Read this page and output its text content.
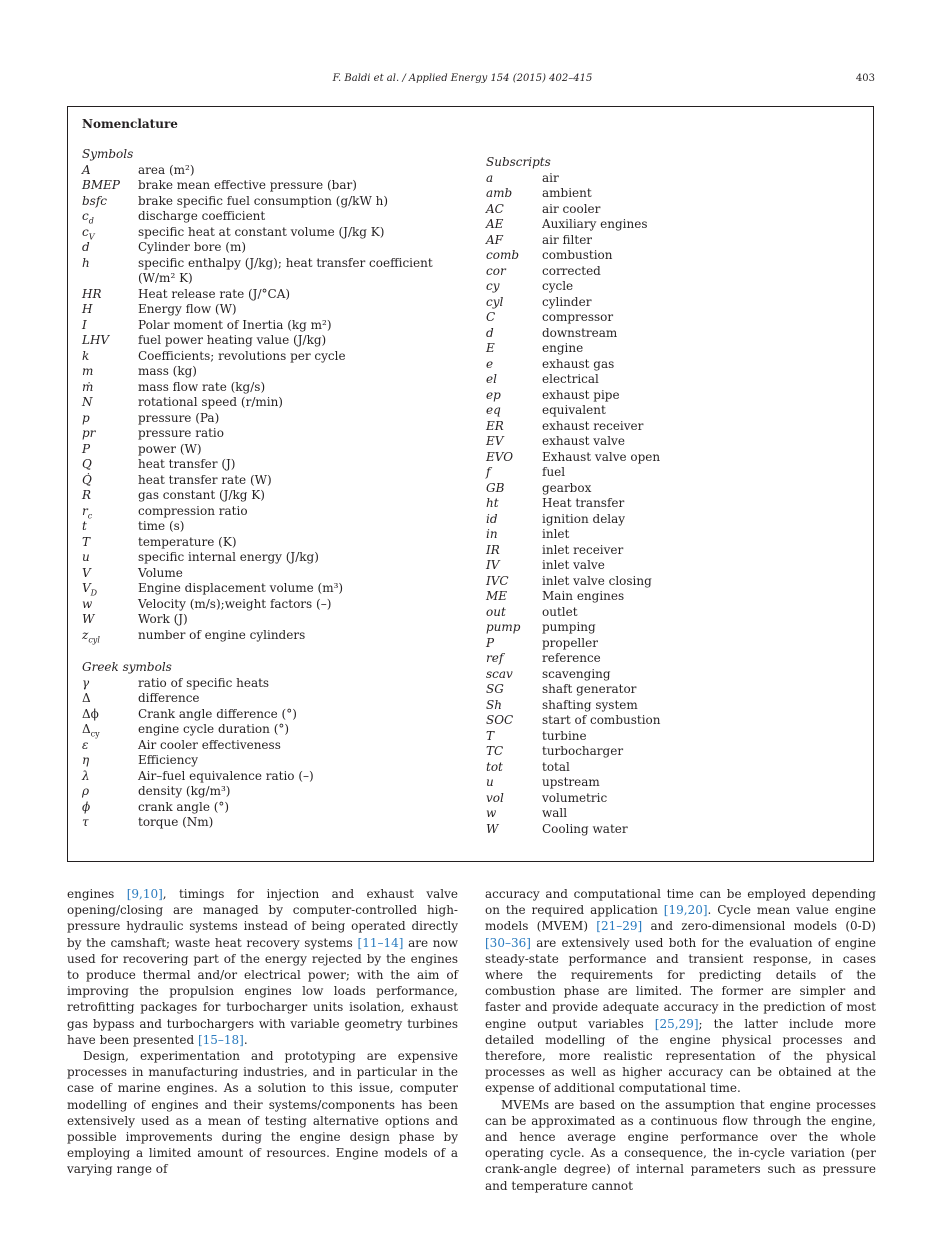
F. Baldi et al. / Applied Energy 154 (2015) 402–415	403
Nomenclature
Symbols
A	area (m²)
BMEP	brake mean effective pressure (bar)
bsfc	brake specific fuel consumption (g/kW h)
$c_d$	discharge coefficient
$c_V$	specific heat at constant volume (J/kg K)
d	Cylinder bore (m)
h	specific enthalpy (J/kg); heat transfer coefficient (W/m² K)
HR	Heat release rate (J/°CA)
H	Energy flow (W)
I	Polar moment of Inertia (kg m²)
LHV	fuel power heating value (J/kg)
k	Coefficients; revolutions per cycle
m	mass (kg)
ṁ	mass flow rate (kg/s)
N	rotational speed (r/min)
p	pressure (Pa)
pr	pressure ratio
P	power (W)
Q	heat transfer (J)
Q̇	heat transfer rate (W)
R	gas constant (J/kg K)
$r_c$	compression ratio
t	time (s)
T	temperature (K)
u	specific internal energy (J/kg)
V	Volume
$V_D$	Engine displacement volume (m³)
w	Velocity (m/s);weight factors (–)
W	Work (J)
$z_{cyl}$	number of engine cylinders
Greek symbols
γ	ratio of specific heats
Δ	difference
Δϕ	Crank angle difference (°)
$\Delta_{cy}$	engine cycle duration (°)
ε	Air cooler effectiveness
η	Efficiency
λ	Air–fuel equivalence ratio (–)
ρ	density (kg/m³)
ϕ	crank angle (°)
τ	torque (Nm)
Subscripts
a	air
amb	ambient
AC	air cooler
AE	Auxiliary engines
AF	air filter
comb	combustion
cor	corrected
cy	cycle
cyl	cylinder
C	compressor
d	downstream
E	engine
e	exhaust gas
el	electrical
ep	exhaust pipe
eq	equivalent
ER	exhaust receiver
EV	exhaust valve
EVO	Exhaust valve open
f	fuel
GB	gearbox
ht	Heat transfer
id	ignition delay
in	inlet
IR	inlet receiver
IV	inlet valve
IVC	inlet valve closing
ME	Main engines
out	outlet
pump	pumping
P	propeller
ref	reference
scav	scavenging
SG	shaft generator
Sh	shafting system
SOC	start of combustion
T	turbine
TC	turbocharger
tot	total
u	upstream
vol	volumetric
w	wall
W	Cooling water

engines [9,10], timings for injection and exhaust valve opening/closing are managed by computer-controlled high-pressure hydraulic systems instead of being operated directly by the camshaft; waste heat recovery systems [11–14] are now used for recovering part of the energy rejected by the engines to produce thermal and/or electrical power; with the aim of improving the propulsion engines low loads performance, retrofitting packages for turbocharger units isolation, exhaust gas bypass and turbochargers with variable geometry turbines have been presented [15–18].

Design, experimentation and prototyping are expensive processes in manufacturing industries, and in particular in the case of marine engines. As a solution to this issue, computer modelling of engines and their systems/components has been extensively used as a mean of testing alternative options and possible improvements during the engine design phase by employing a limited amount of resources. Engine models of a varying range of

accuracy and computational time can be employed depending on the required application [19,20]. Cycle mean value engine models (MVEM) [21–29] and zero-dimensional models (0-D) [30–36] are extensively used both for the evaluation of engine steady-state performance and transient response, in cases where the requirements for predicting details of the combustion phase are limited. The former are simpler and faster and provide adequate accuracy in the prediction of most engine output variables [25,29]; the latter include more detailed modelling of the engine physical processes and therefore, more realistic representation of the physical processes as well as higher accuracy can be obtained at the expense of additional computational time.

MVEMs are based on the assumption that engine processes can be approximated as a continuous flow through the engine, and hence average engine performance over the whole operating cycle. As a consequence, the in-cycle variation (per crank-angle degree) of internal parameters such as pressure and temperature cannot
